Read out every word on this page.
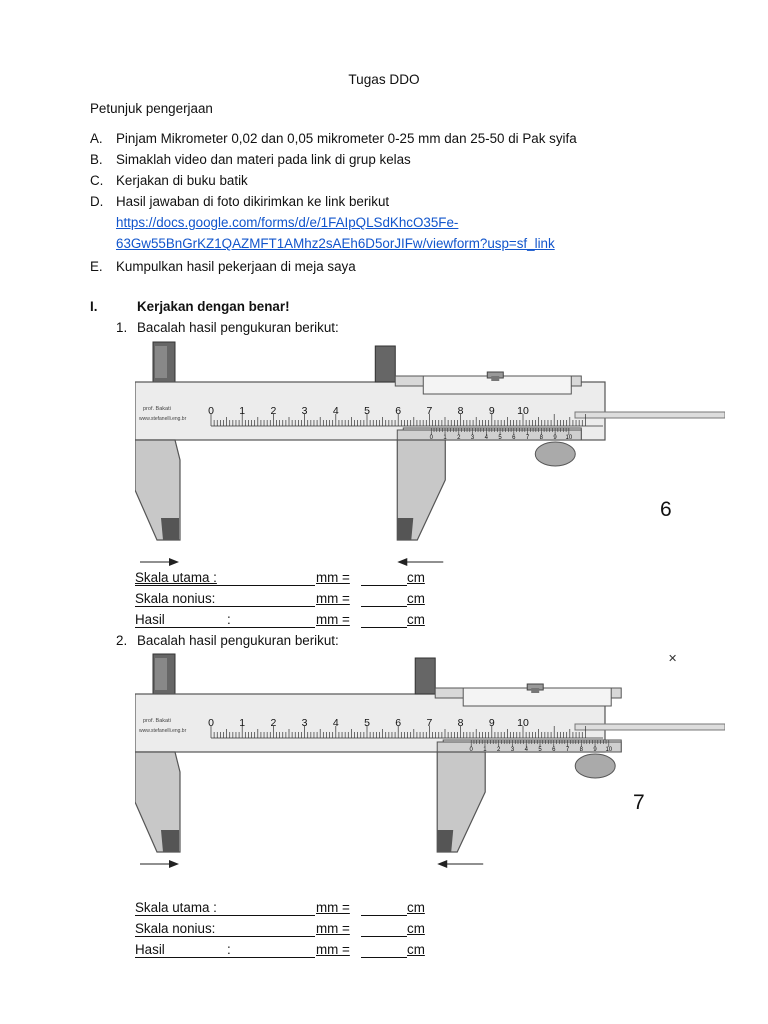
Tugas DDO
Petunjuk pengerjaan
A. Pinjam Mikrometer 0,02 dan 0,05 mikrometer 0-25 mm dan 25-50 di Pak syifa
B. Simaklah video dan materi pada link di grup kelas
C. Kerjakan di buku batik
D. Hasil jawaban di foto dikirimkan ke link berikut
https://docs.google.com/forms/d/e/1FAIpQLSdKhcO35Fe-
63Gw55BnGrKZ1QAZMFT1AMhz2sAEh6D5orJIFw/viewform?usp=sf_link
E. Kumpulkan hasil pekerjaan di meja saya
I.	Kerjakan dengan benar!
1. Bacalah hasil pengukuran berikut:
prof. Bakati
www.stefanelli.eng.br
0 1 2 3 4 5 6 7 8 9 10
0 1 2 3 4 5 6 7 8 9 10
6
Skala utama :	mm =	cm
Skala nonius:	mm =	cm
Hasil	:	mm =	cm
2. Bacalah hasil pengukuran berikut:
prof. Bakati
www.stefanelli.eng.br
0 1 2 3 4 5 6 7 8 9 10
0 1 2 3 4 5 6 7 8 9 10
7
✕
Skala utama :	mm =	cm
Skala nonius:	mm =	cm
Hasil	:	mm =	cm
